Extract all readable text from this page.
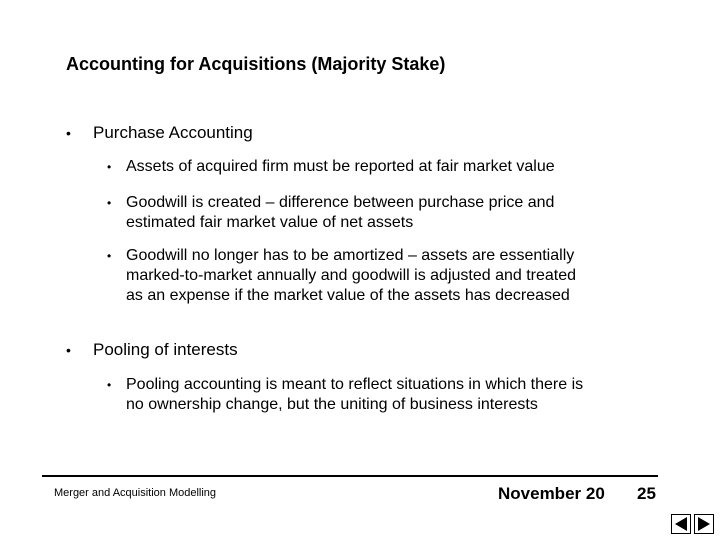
Accounting for Acquisitions (Majority Stake)
• Purchase Accounting
• Assets of acquired firm must be reported at fair market value
• Goodwill is created – difference between purchase price and estimated fair market value of net assets
• Goodwill no longer has to be amortized – assets are essentially marked-to-market annually and goodwill is adjusted and treated as an expense if the market value of the assets has decreased
• Pooling of interests
• Pooling accounting is meant to reflect situations in which there is no ownership change, but the uniting of business interests
Merger and Acquisition Modelling	November 20 25
